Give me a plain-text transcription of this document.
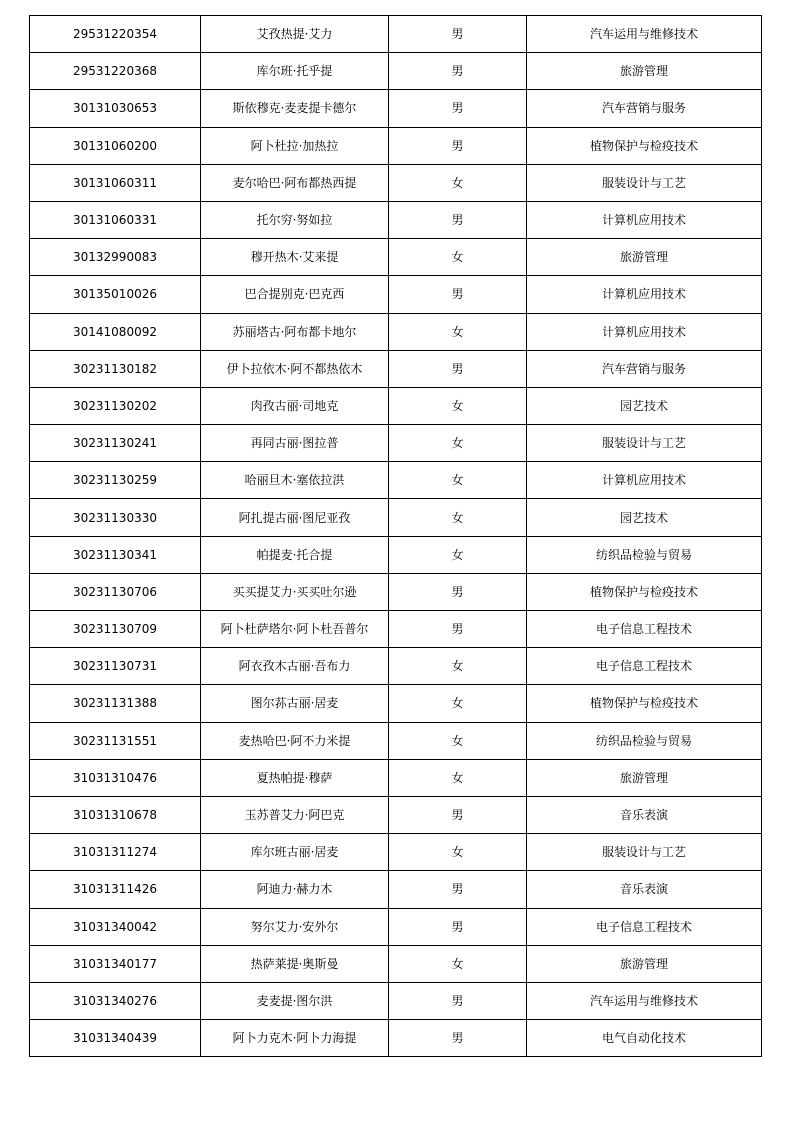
29531220354	艾孜热提·艾力	男	汽车运用与维修技术
29531220368	库尔班·托乎提	男	旅游管理
30131030653	斯依穆克·麦麦提卡德尔	男	汽车营销与服务
30131060200	阿卜杜拉·加热拉	男	植物保护与检疫技术
30131060311	麦尔哈巴·阿布都热西提	女	服装设计与工艺
30131060331	托尔穷·努如拉	男	计算机应用技术
30132990083	穆开热木·艾来提	女	旅游管理
30135010026	巴合提别克·巴克西	男	计算机应用技术
30141080092	苏丽塔古·阿布都卡地尔	女	计算机应用技术
30231130182	伊卜拉依木·阿不都热依木	男	汽车营销与服务
30231130202	肉孜古丽·司地克	女	园艺技术
30231130241	再同古丽·图拉普	女	服装设计与工艺
30231130259	哈丽旦木·塞依拉洪	女	计算机应用技术
30231130330	阿扎提古丽·图尼亚孜	女	园艺技术
30231130341	帕提麦·托合提	女	纺织品检验与贸易
30231130706	买买提艾力·买买吐尔逊	男	植物保护与检疫技术
30231130709	阿卜杜萨塔尔·阿卜杜吾普尔	男	电子信息工程技术
30231130731	阿衣孜木古丽·吾布力	女	电子信息工程技术
30231131388	图尔荪古丽·居麦	女	植物保护与检疫技术
30231131551	麦热哈巴·阿不力米提	女	纺织品检验与贸易
31031310476	夏热帕提·穆萨	女	旅游管理
31031310678	玉苏普艾力·阿巴克	男	音乐表演
31031311274	库尔班古丽·居麦	女	服装设计与工艺
31031311426	阿迪力·赫力木	男	音乐表演
31031340042	努尔艾力·安外尔	男	电子信息工程技术
31031340177	热萨莱提·奥斯曼	女	旅游管理
31031340276	麦麦提·图尔洪	男	汽车运用与维修技术
31031340439	阿卜力克木·阿卜力海提	男	电气自动化技术
